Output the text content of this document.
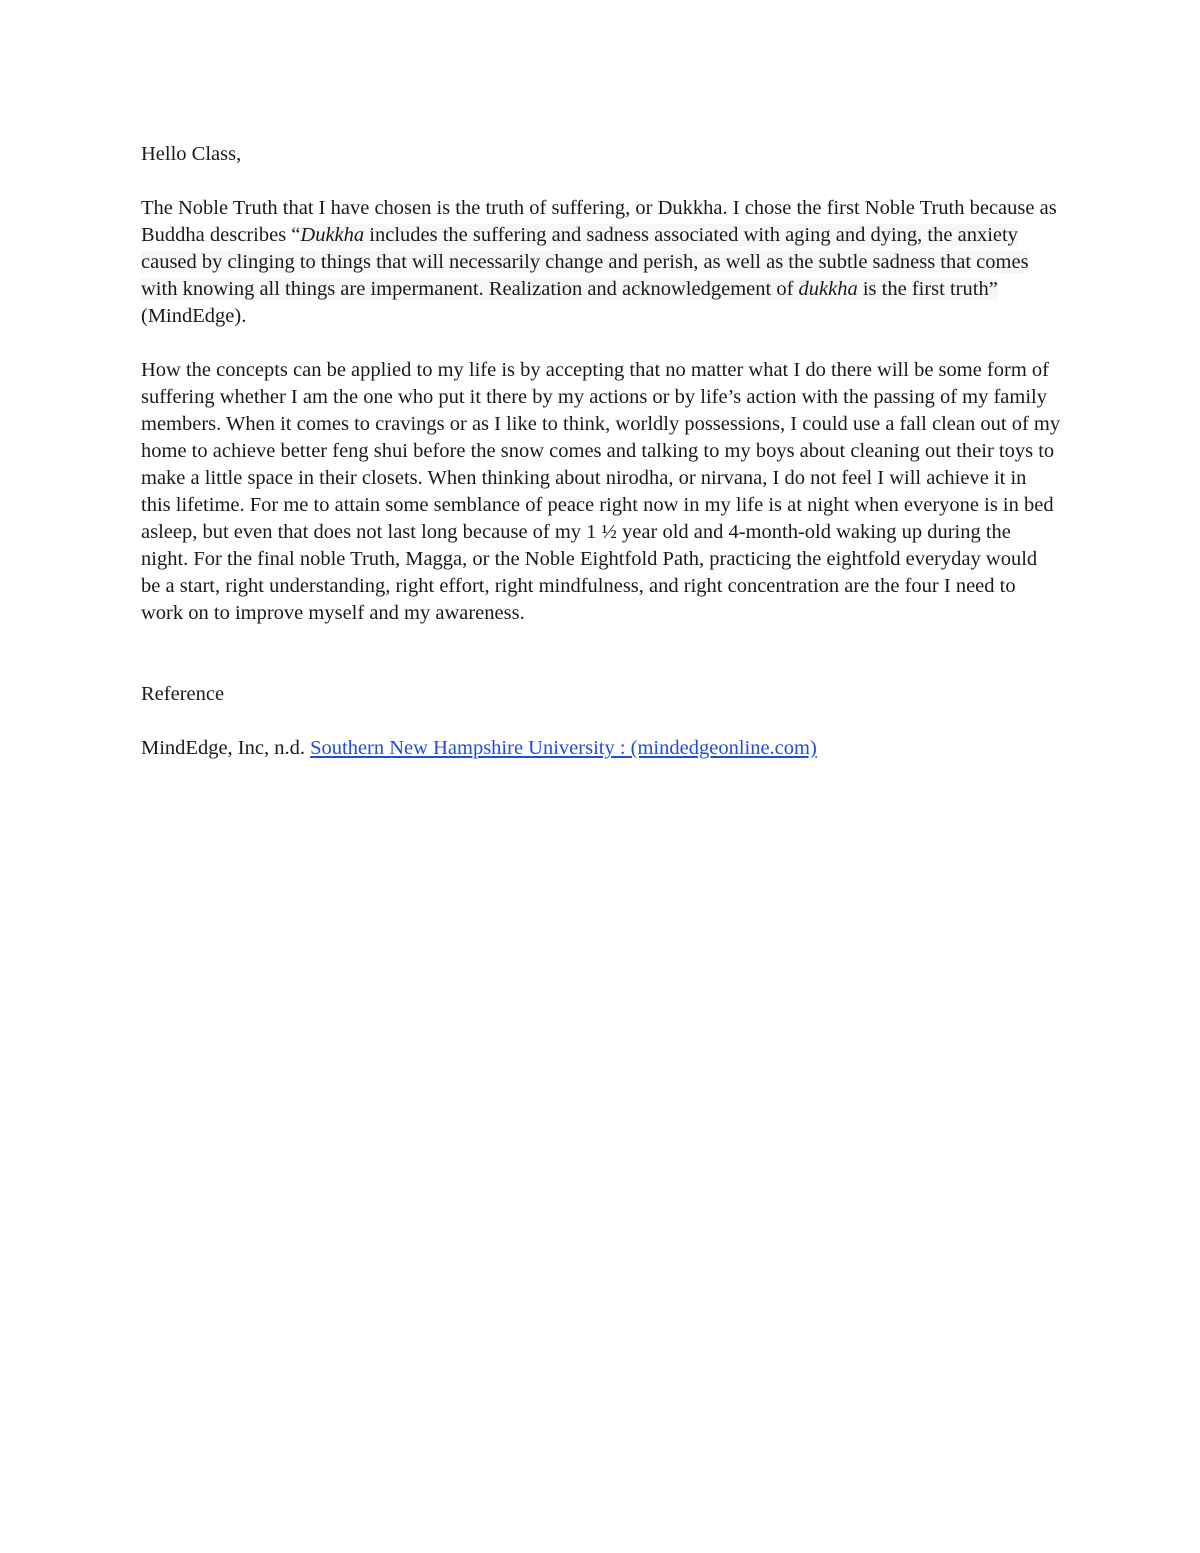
Hello Class,

The Noble Truth that I have chosen is the truth of suffering, or Dukkha. I chose the first Noble Truth because as Buddha describes “Dukkha includes the suffering and sadness associated with aging and dying, the anxiety caused by clinging to things that will necessarily change and perish, as well as the subtle sadness that comes with knowing all things are impermanent. Realization and acknowledgement of dukkha is the first truth” (MindEdge).

How the concepts can be applied to my life is by accepting that no matter what I do there will be some form of suffering whether I am the one who put it there by my actions or by life’s action with the passing of my family members. When it comes to cravings or as I like to think, worldly possessions, I could use a fall clean out of my home to achieve better feng shui before the snow comes and talking to my boys about cleaning out their toys to make a little space in their closets. When thinking about nirodha, or nirvana, I do not feel I will achieve it in this lifetime. For me to attain some semblance of peace right now in my life is at night when everyone is in bed asleep, but even that does not last long because of my 1 ½ year old and 4-month-old waking up during the night. For the final noble Truth, Magga, or the Noble Eightfold Path, practicing the eightfold everyday would be a start, right understanding, right effort, right mindfulness, and right concentration are the four I need to work on to improve myself and my awareness.

Reference

MindEdge, Inc, n.d. Southern New Hampshire University : (mindedgeonline.com)
